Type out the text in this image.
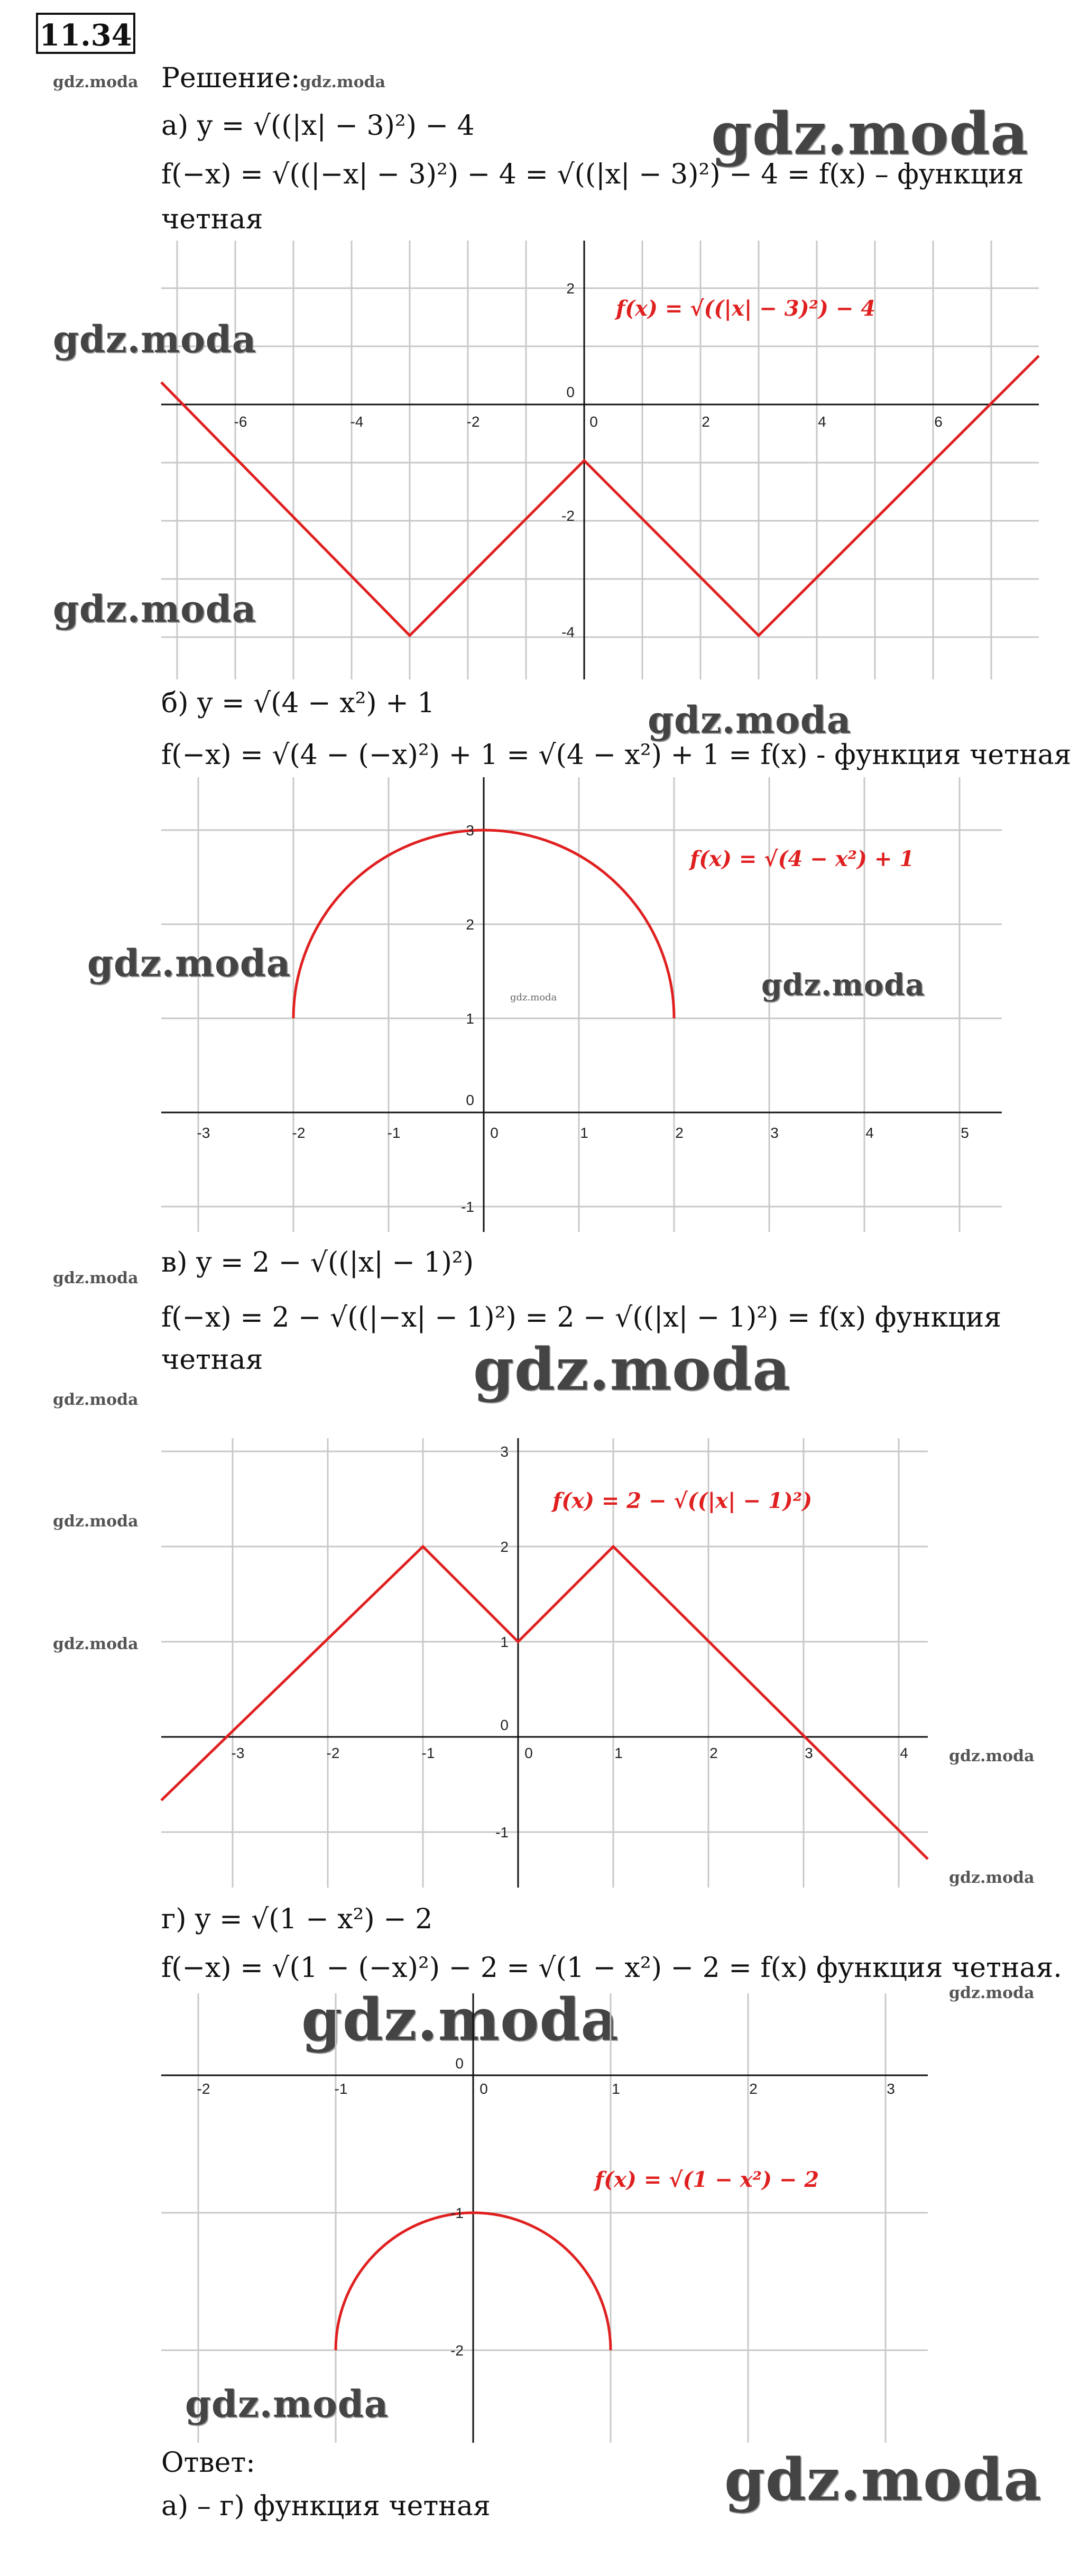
11.34
gdz.moda Решение:gdz.moda
а) y = √((|x| − 3)²) − 4
f(−x) = √((|−x| − 3)²) − 4 = √((|x| − 3)²) − 4 = f(x) – функция
четная
gdz.moda
-6	-4	-2	0	2	4	6
2
0
-2
-4
f(x) = √((|x| − 3)²) − 4
gdz.moda
gdz.moda
б) y = √(4 − x²) + 1	gdz.moda
f(−x) = √(4 − (−x)²) + 1 = √(4 − x²) + 1 = f(x) - функция четная
-3	-2	-1	0	1	2	3	4	5
3
2
1
0
-1
f(x) = √(4 − x²) + 1
gdz.moda
gdz.moda	gdz.moda
gdz.moda в) y = 2 − √((|x| − 1)²)
f(−x) = 2 − √((|−x| − 1)²) = 2 − √((|x| − 1)²) = f(x) функция
четная	gdz.moda
gdz.moda
-3	-2	-1	0	1	2	3	4
3
2
1
0
-1
f(x) = 2 − √((|x| − 1)²)
gdz.moda
gdz.moda
gdz.moda
gdz.moda
г) y = √(1 − x²) − 2
f(−x) = √(1 − (−x)²) − 2 = √(1 − x²) − 2 = f(x) функция четная.
gdz.moda
gdz.moda
-2	-1	0	1	2	3
0
-1
-2
f(x) = √(1 − x²) − 2
gdz.moda
Ответ:
а) – г) функция четная	gdz.moda
